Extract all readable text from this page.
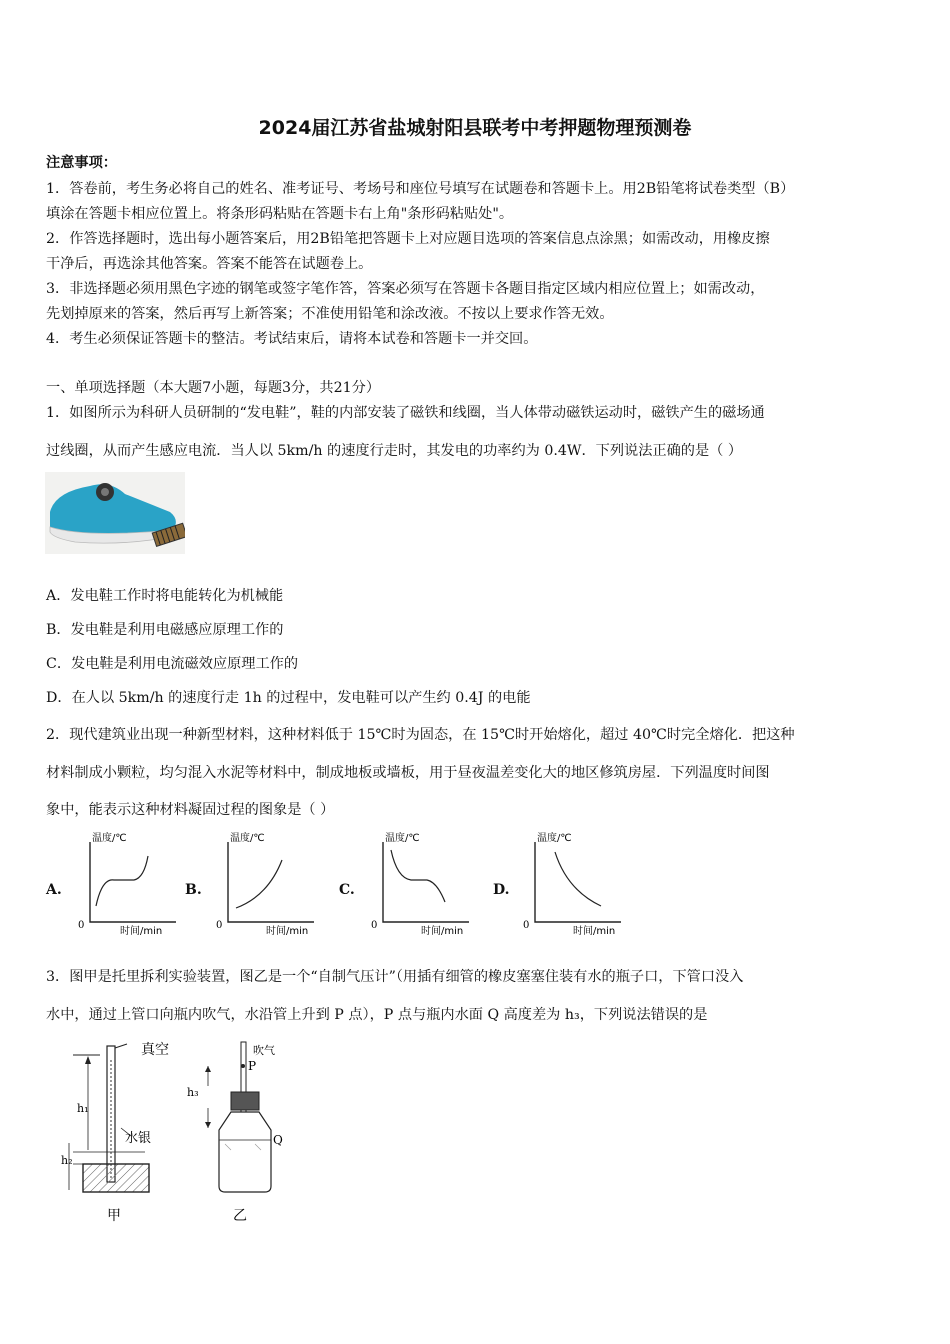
2024届江苏省盐城射阳县联考中考押题物理预测卷
注意事项：
1．答卷前，考生务必将自己的姓名、准考证号、考场号和座位号填写在试题卷和答题卡上。用2B铅笔将试卷类型（B）
填涂在答题卡相应位置上。将条形码粘贴在答题卡右上角"条形码粘贴处"。
2．作答选择题时，选出每小题答案后，用2B铅笔把答题卡上对应题目选项的答案信息点涂黑；如需改动，用橡皮擦
干净后，再选涂其他答案。答案不能答在试题卷上。
3．非选择题必须用黑色字迹的钢笔或签字笔作答，答案必须写在答题卡各题目指定区域内相应位置上；如需改动，
先划掉原来的答案，然后再写上新答案；不准使用铅笔和涂改液。不按以上要求作答无效。
4．考生必须保证答题卡的整洁。考试结束后，请将本试卷和答题卡一并交回。
一、单项选择题（本大题7小题，每题3分，共21分）
1．如图所示为科研人员研制的“发电鞋”，鞋的内部安装了磁铁和线圈，当人体带动磁铁运动时，磁铁产生的磁场通
过线圈，从而产生感应电流．当人以 5km/h 的速度行走时，其发电的功率约为 0.4W．下列说法正确的是（ ）
A．发电鞋工作时将电能转化为机械能
B．发电鞋是利用电磁感应原理工作的
C．发电鞋是利用电流磁效应原理工作的
D．在人以 5km/h 的速度行走 1h 的过程中，发电鞋可以产生约 0.4J 的电能
2．现代建筑业出现一种新型材料，这种材料低于 15℃时为固态，在 15℃时开始熔化，超过 40℃时完全熔化．把这种
材料制成小颗粒，均匀混入水泥等材料中，制成地板或墙板，用于昼夜温差变化大的地区修筑房屋．下列温度时间图
象中，能表示这种材料凝固过程的图象是（ ）
A.
温度/℃
0
时间/min
B.
温度/℃
0
时间/min
C.
温度/℃
0
时间/min
D.
温度/℃
0
时间/min
3．图甲是托里拆利实验装置，图乙是一个“自制气压计”（用插有细管的橡皮塞塞住装有水的瓶子口，下管口没入
水中，通过上管口向瓶内吹气，水沿管上升到 P 点），P 点与瓶内水面 Q 高度差为 h₃，下列说法错误的是
真空
h₁
h₂
水银
甲
吹气
P
h₃
Q
乙
